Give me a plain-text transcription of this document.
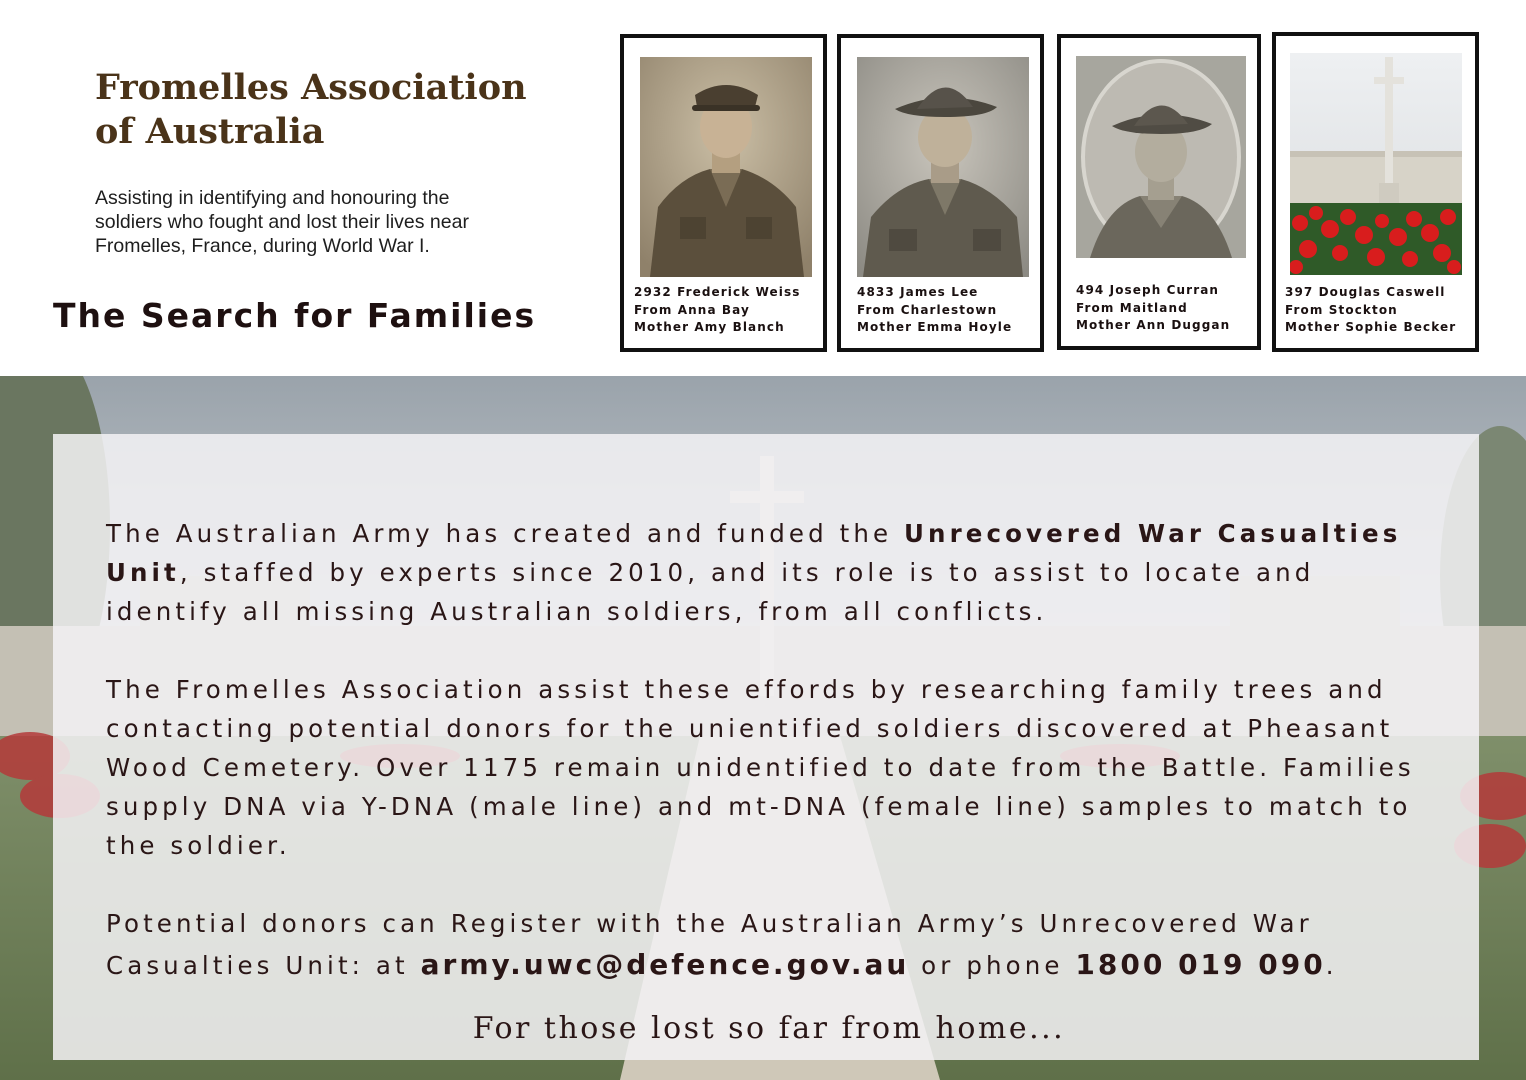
Fromelles Association
of Australia
Assisting in identifying and honouring the
soldiers who fought and lost their lives near
Fromelles, France, during World War I.
The Search for Families
2932 Frederick Weiss
From Anna Bay
Mother Amy Blanch
4833 James Lee
From Charlestown
Mother Emma Hoyle
494 Joseph Curran
From Maitland
Mother Ann Duggan
397 Douglas Caswell
From Stockton
Mother Sophie Becker
The Australian Army has created and funded the Unrecovered War Casualties Unit, staffed by experts since 2010, and its role is to assist to locate and identify all missing Australian soldiers, from all conflicts.
The Fromelles Association assist these effords by researching family trees and contacting potential donors for the unientified soldiers discovered at Pheasant Wood Cemetery. Over 1175 remain unidentified to date from the Battle. Families supply DNA via Y-DNA (male line) and mt-DNA (female line) samples to match to the soldier.
Potential donors can Register with the Australian Army’s Unrecovered War Casualties Unit: at army.uwc@defence.gov.au or phone 1800 019 090.
For those lost so far from home...
